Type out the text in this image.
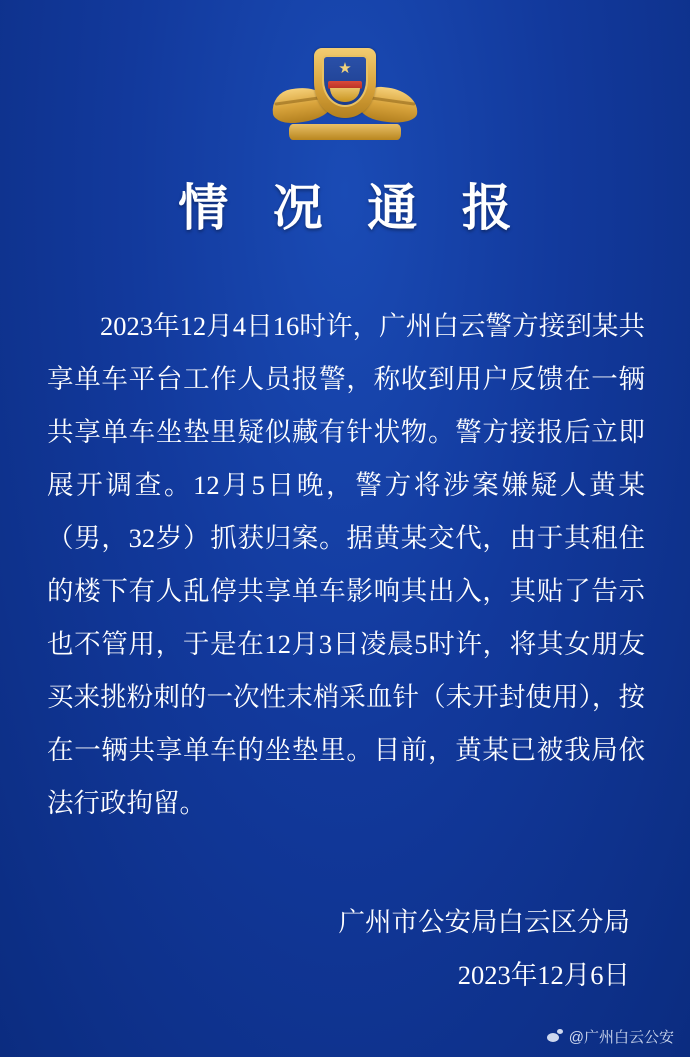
★
情 况 通 报
2023年12月4日16时许，广州白云警方接到某共享单车平台工作人员报警，称收到用户反馈在一辆共享单车坐垫里疑似藏有针状物。警方接报后立即展开调查。12月5日晚，警方将涉案嫌疑人黄某（男，32岁）抓获归案。据黄某交代，由于其租住的楼下有人乱停共享单车影响其出入，其贴了告示也不管用，于是在12月3日凌晨5时许，将其女朋友买来挑粉刺的一次性末梢采血针（未开封使用），按在一辆共享单车的坐垫里。目前，黄某已被我局依法行政拘留。
广州市公安局白云区分局
2023年12月6日
@广州白云公安
